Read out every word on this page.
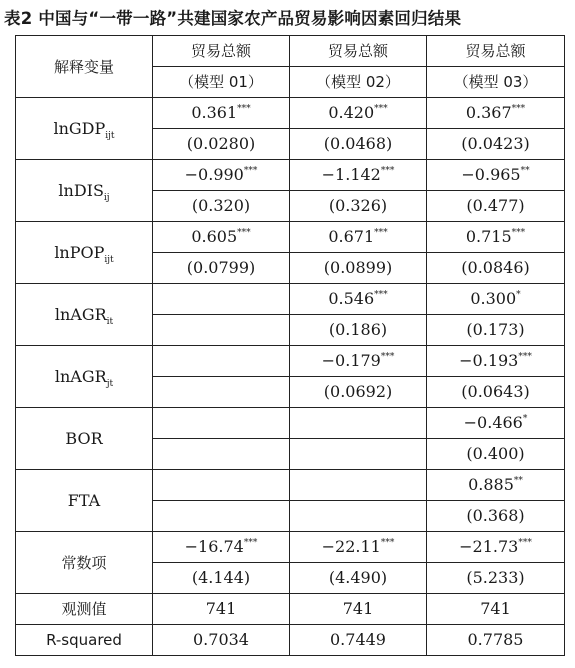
表2 中国与“一带一路”共建国家农产品贸易影响因素回归结果
解释变量	贸易总额	贸易总额	贸易总额
	（模型 01）	（模型 02）	（模型 03）
lnGDP$_{ijt}$	0.361***	0.420***	0.367***
	(0.0280)	(0.0468)	(0.0423)
lnDIS$_{ij}$	−0.990***	−1.142***	−0.965**
	(0.320)	(0.326)	(0.477)
lnPOP$_{ijt}$	0.605***	0.671***	0.715***
	(0.0799)	(0.0899)	(0.0846)
lnAGR$_{it}$		0.546***	0.300*
		(0.186)	(0.173)
lnAGR$_{jt}$		−0.179***	−0.193***
		(0.0692)	(0.0643)
BOR			−0.466*
			(0.400)
FTA			0.885**
			(0.368)
常数项	−16.74***	−22.11***	−21.73***
	(4.144)	(4.490)	(5.233)
观测值	741	741	741
R-squared	0.7034	0.7449	0.7785
